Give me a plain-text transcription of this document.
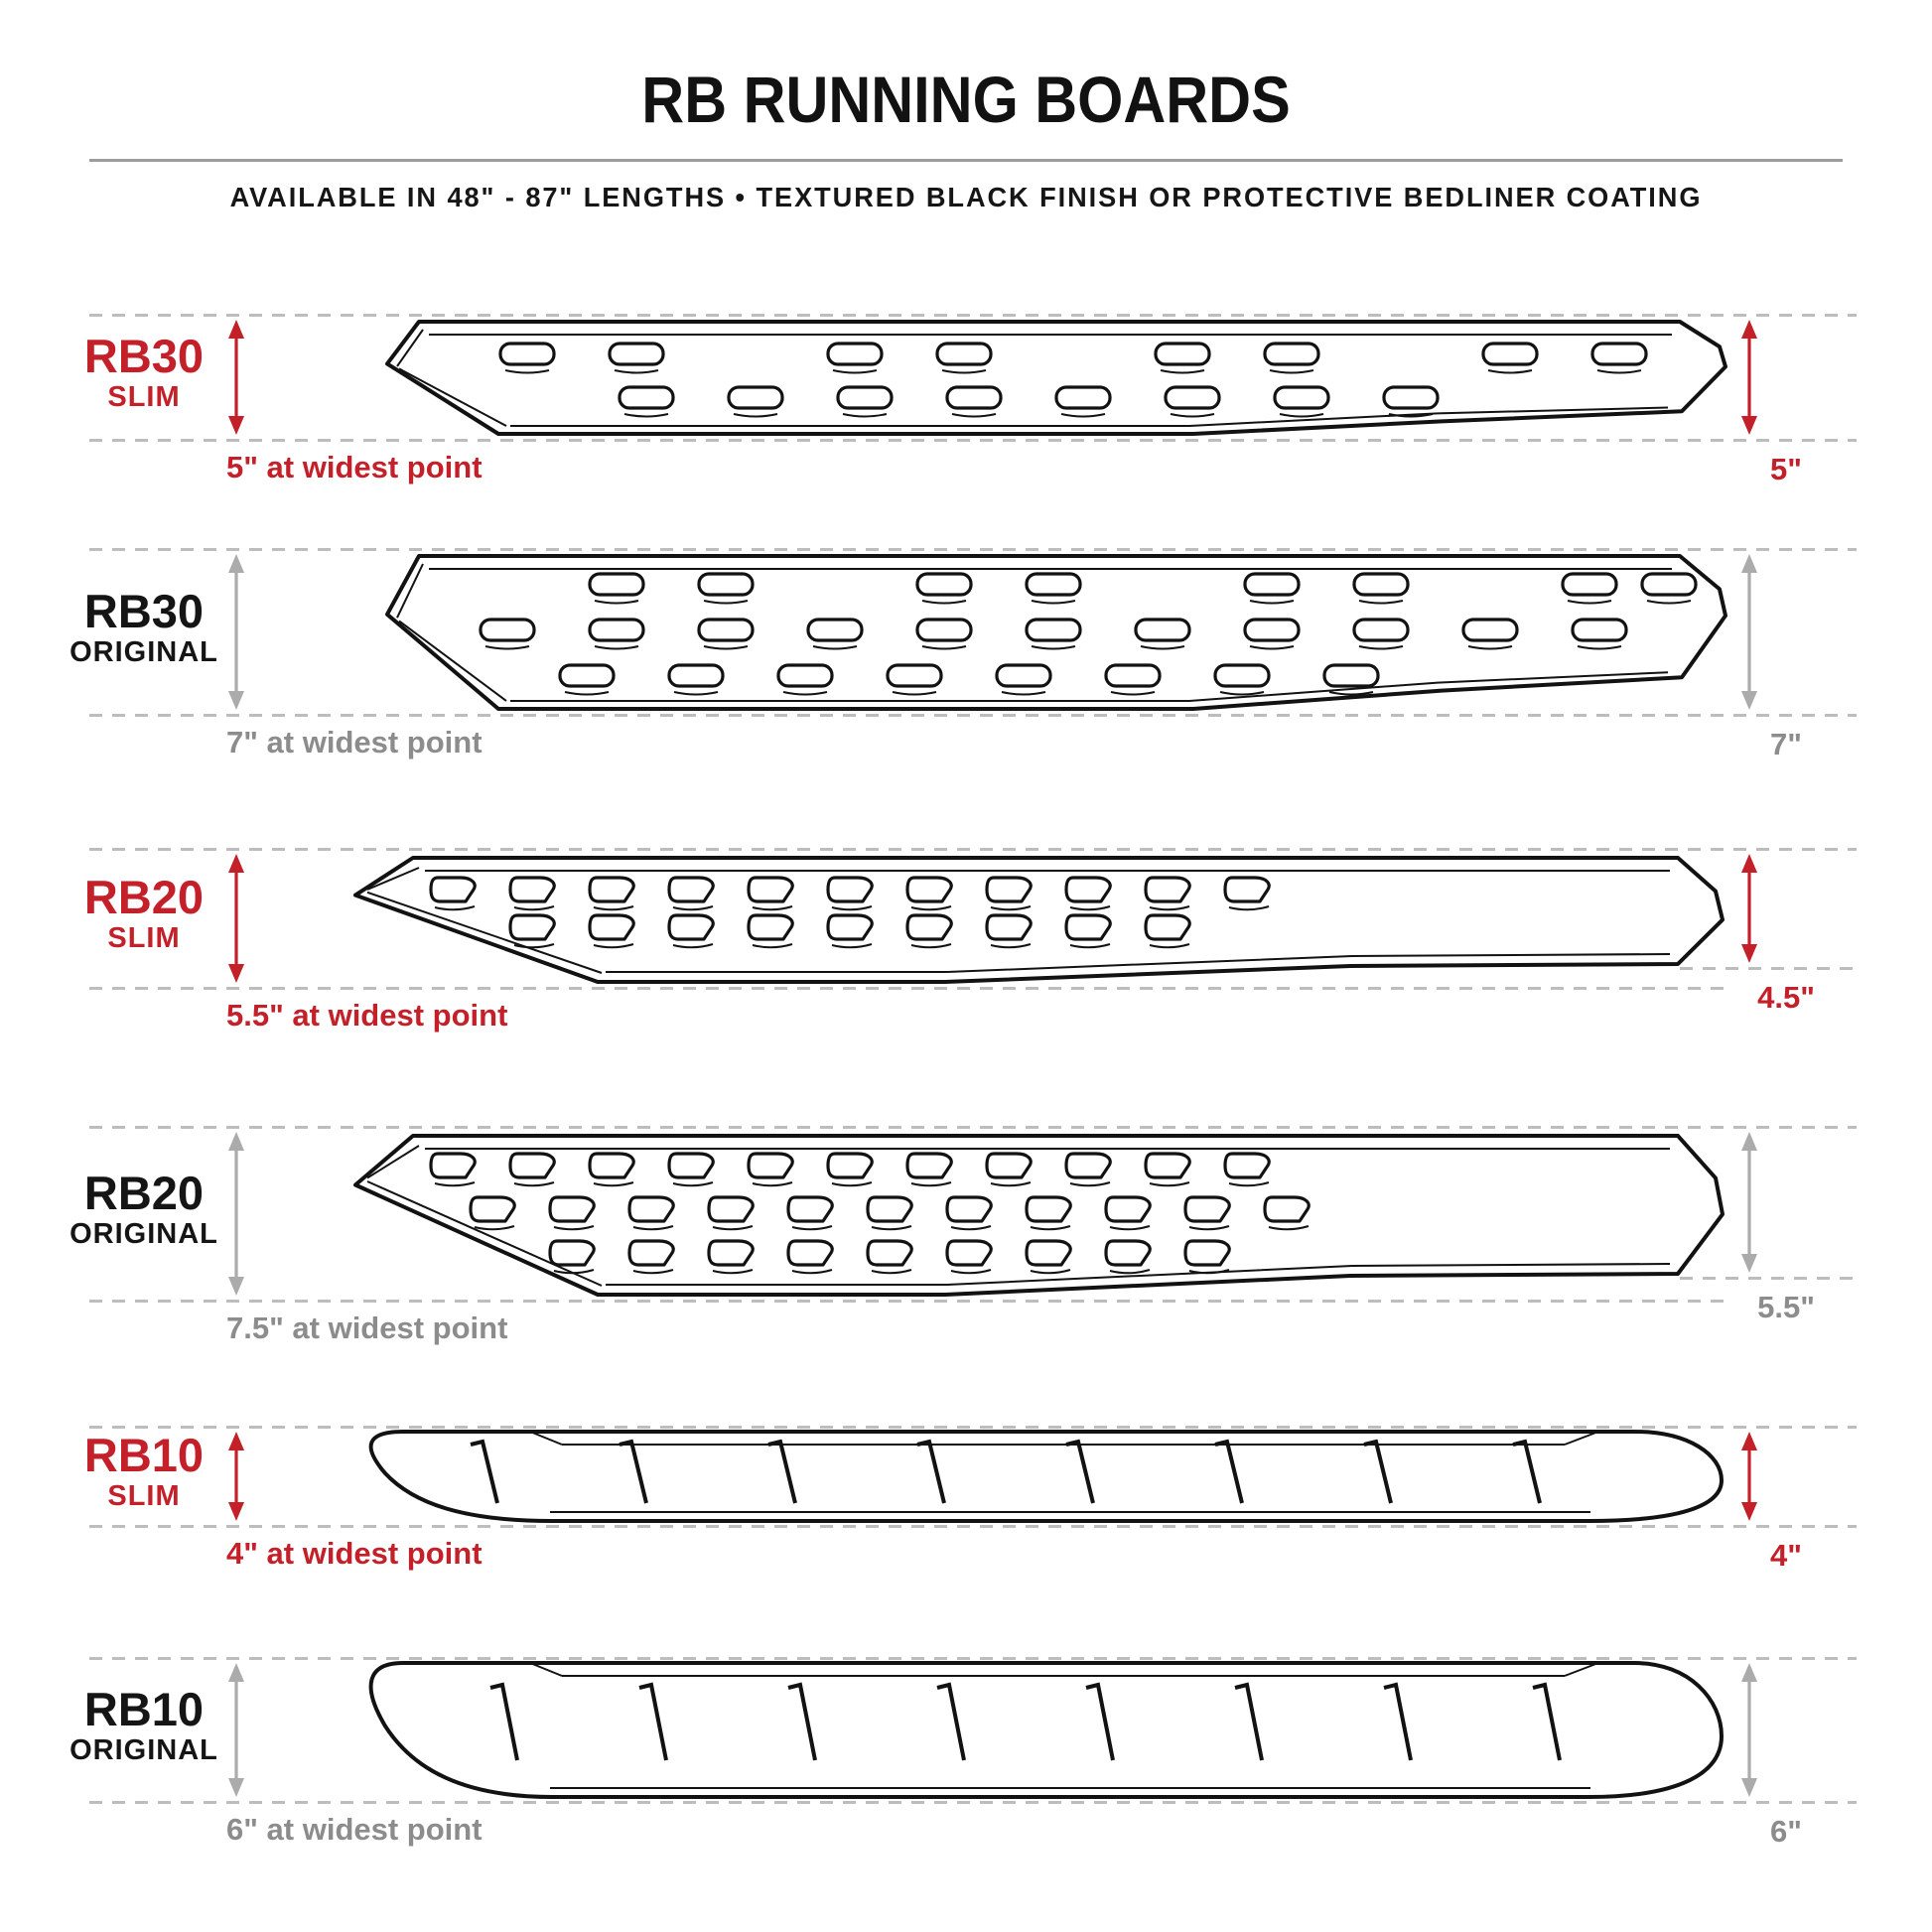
RB RUNNING BOARDS
AVAILABLE IN 48" - 87" LENGTHS • TEXTURED BLACK FINISH OR PROTECTIVE BEDLINER COATING
RB30
SLIM
5" at widest point	5"
RB30
ORIGINAL
7" at widest point	7"
RB20
SLIM
5.5" at widest point
4.5"
RB20
ORIGINAL
7.5" at widest point
5.5"
RB10
SLIM
4" at widest point	4"
RB10
ORIGINAL
6" at widest point	6"
